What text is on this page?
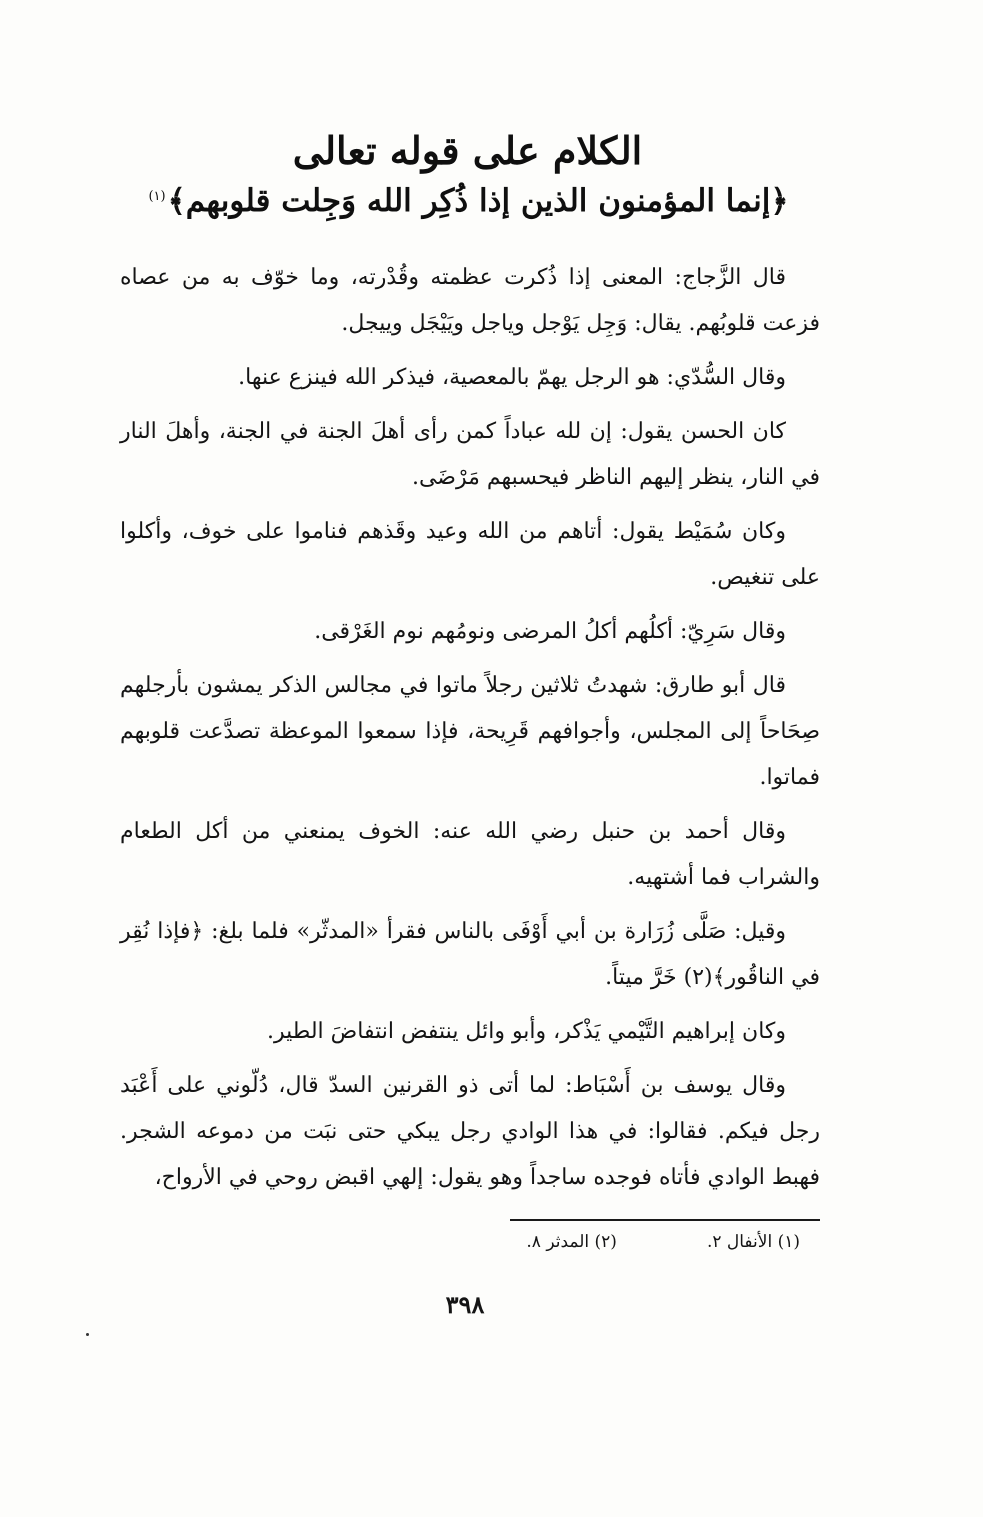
الكلام على قوله تعالى
﴿إنما المؤمنون الذين إذا ذُكِر الله وَجِلت قلوبهم﴾$^{(١)}$

قال الزَّجاج: المعنى إذا ذُكرت عظمته وقُدْرته، وما خوّف به من عصاه فزعت قلوبُهم. يقال: وَجِل يَوْجل وياجل ويَيْجَل وييجل.

وقال السُّدّي: هو الرجل يهمّ بالمعصية، فيذكر الله فينزع عنها.

كان الحسن يقول: إن لله عباداً كمن رأى أهلَ الجنة في الجنة، وأهلَ النار في النار، ينظر إليهم الناظر فيحسبهم مَرْضَى.

وكان سُمَيْط يقول: أتاهم من الله وعيد وقَذهم فناموا على خوف، وأكلوا على تنغيص.

وقال سَرِيّ: أكلُهم أكلُ المرضى ونومُهم نوم الغَرْقى.

قال أبو طارق: شهدتُ ثلاثين رجلاً ماتوا في مجالس الذكر يمشون بأرجلهم صِحَاحاً إلى المجلس، وأجوافهم قَرِيحة، فإذا سمعوا الموعظة تصدَّعت قلوبهم فماتوا.

وقال أحمد بن حنبل رضي الله عنه: الخوف يمنعني من أكل الطعام والشراب فما أشتهيه.

وقيل: صَلَّى زُرَارة بن أبي أَوْفَى بالناس فقرأ «المدثّر» فلما بلغ: ﴿فإذا نُقِر في الناقُور﴾(٢) خَرَّ ميتاً.

وكان إبراهيم التَّيْمي يَذْكر، وأبو وائل ينتفض انتفاضَ الطير.

وقال يوسف بن أَسْبَاط: لما أتى ذو القرنين السدّ قال، دُلّوني على أَعْبَد رجل فيكم. فقالوا: في هذا الوادي رجل يبكي حتى نبَت من دموعه الشجر. فهبط الوادي فأتاه فوجده ساجداً وهو يقول: إلهي اقبض روحي في الأرواح،

(١) الأنفال ٢.
(٢) المدثر ٨.
٣٩٨
